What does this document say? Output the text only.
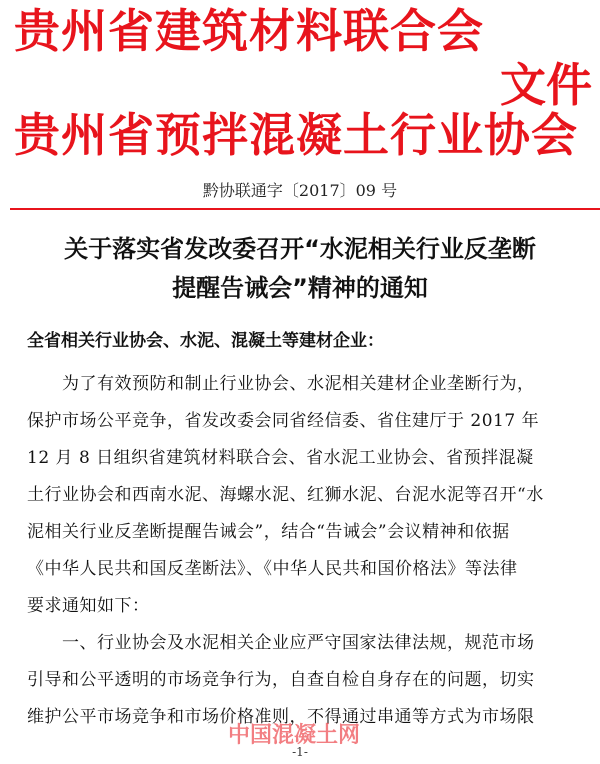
贵州省建筑材料联合会
贵州省预拌混凝土行业协会
文件
黔协联通字〔2017〕09 号
关于落实省发改委召开“水泥相关行业反垄断
提醒告诫会”精神的通知
全省相关行业协会、水泥、混凝土等建材企业：
　　为了有效预防和制止行业协会、水泥相关建材企业垄断行为，
保护市场公平竞争，省发改委会同省经信委、省住建厅于 2017 年
12 月 8 日组织省建筑材料联合会、省水泥工业协会、省预拌混凝
土行业协会和西南水泥、海螺水泥、红狮水泥、台泥水泥等召开“水
泥相关行业反垄断提醒告诫会”，结合“告诫会”会议精神和依据
《中华人民共和国反垄断法》、《中华人民共和国价格法》等法律
要求通知如下：
　　一、行业协会及水泥相关企业应严守国家法律法规，规范市场
引导和公平透明的市场竞争行为，自查自检自身存在的问题，切实
维护公平市场竞争和市场价格准则，不得通过串通等方式为市场限
中国混凝土网
-1-
